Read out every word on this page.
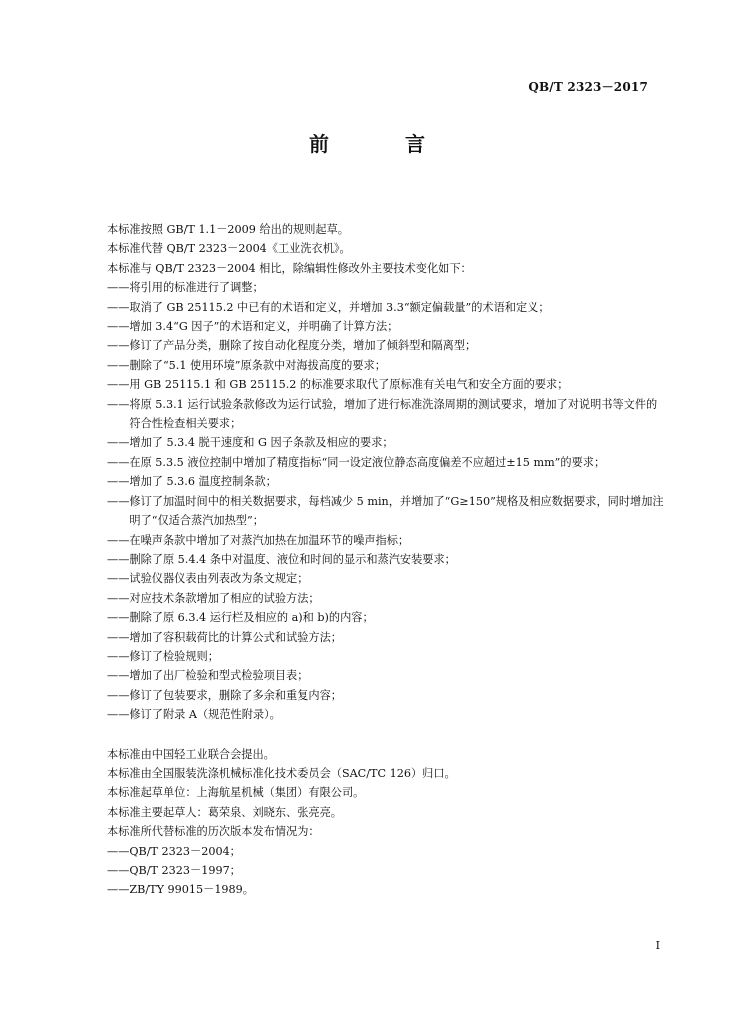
QB/T 2323－2017
前　言
本标准按照 GB/T 1.1－2009 给出的规则起草。
本标准代替 QB/T 2323－2004《工业洗衣机》。
本标准与 QB/T 2323－2004 相比，除编辑性修改外主要技术变化如下：
—— 将引用的标准进行了调整；
—— 取消了 GB 25115.2 中已有的术语和定义，并增加 3.3“额定偏载量”的术语和定义；
—— 增加 3.4“G 因子”的术语和定义，并明确了计算方法；
—— 修订了产品分类，删除了按自动化程度分类，增加了倾斜型和隔离型；
—— 删除了“5.1 使用环境”原条款中对海拔高度的要求；
—— 用 GB 25115.1 和 GB 25115.2 的标准要求取代了原标准有关电气和安全方面的要求；
—— 将原 5.3.1 运行试验条款修改为运行试验，增加了进行标准洗涤周期的测试要求，增加了对说明书等文件的符合性检查相关要求；
—— 增加了 5.3.4 脱干速度和 G 因子条款及相应的要求；
—— 在原 5.3.5 液位控制中增加了精度指标“同一设定液位静态高度偏差不应超过±15 mm”的要求；
—— 增加了 5.3.6 温度控制条款；
—— 修订了加温时间中的相关数据要求，每档减少 5 min，并增加了“G≥150”规格及相应数据要求，同时增加注明了“仅适合蒸汽加热型”；
—— 在噪声条款中增加了对蒸汽加热在加温环节的噪声指标；
—— 删除了原 5.4.4 条中对温度、液位和时间的显示和蒸汽安装要求；
—— 试验仪器仪表由列表改为条文规定；
—— 对应技术条款增加了相应的试验方法；
—— 删除了原 6.3.4 运行栏及相应的 a)和 b)的内容；
—— 增加了容积载荷比的计算公式和试验方法；
—— 修订了检验规则；
—— 增加了出厂检验和型式检验项目表；
—— 修订了包装要求，删除了多余和重复内容；
—— 修订了附录 A（规范性附录）。
本标准由中国轻工业联合会提出。
本标准由全国服装洗涤机械标准化技术委员会（SAC/TC 126）归口。
本标准起草单位：上海航星机械（集团）有限公司。
本标准主要起草人：葛荣泉、刘晓东、张亮亮。
本标准所代替标准的历次版本发布情况为：
—— QB/T 2323－2004；
—— QB/T 2323－1997；
—— ZB/TY 99015－1989。
I
